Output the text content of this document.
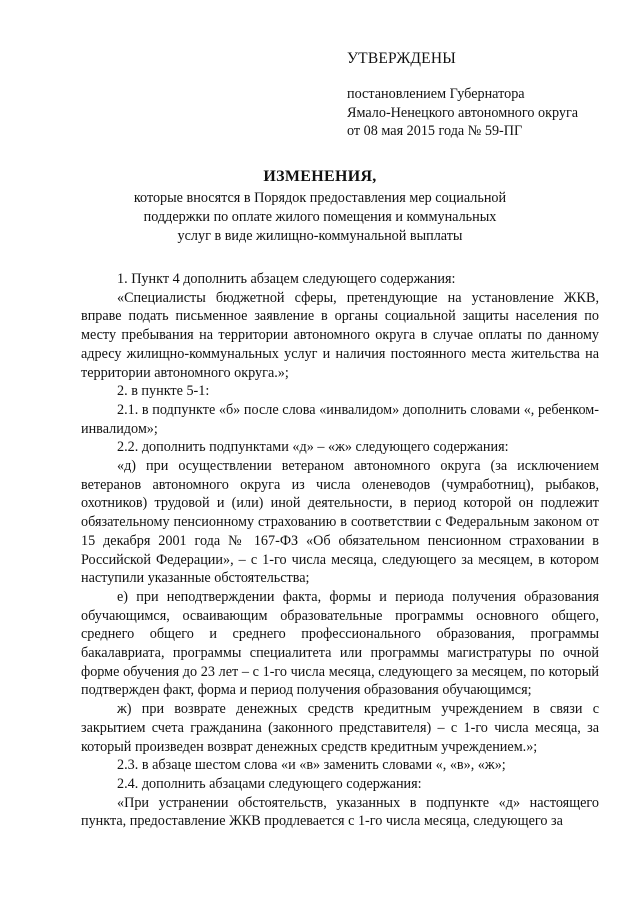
УТВЕРЖДЕНЫ
постановлением Губернатора
Ямало-Ненецкого автономного округа
от 08 мая 2015 года № 59-ПГ
ИЗМЕНЕНИЯ,
которые вносятся в Порядок предоставления мер социальной
поддержки по оплате жилого помещения и коммунальных
услуг в виде жилищно-коммунальной выплаты

1. Пункт 4 дополнить абзацем следующего содержания:

«Специалисты бюджетной сферы, претендующие на установление ЖКВ, вправе подать письменное заявление в органы социальной защиты населения по месту пребывания на территории автономного округа в случае оплаты по данному адресу жилищно-коммунальных услуг и наличия постоянного места жительства на территории автономного округа.»;

2. в пункте 5-1:

2.1. в подпункте «б» после слова «инвалидом» дополнить словами «, ребенком-инвалидом»;

2.2. дополнить подпунктами «д» – «ж» следующего содержания:

«д) при осуществлении ветераном автономного округа (за исключением ветеранов автономного округа из числа оленеводов (чумработниц), рыбаков, охотников) трудовой и (или) иной деятельности, в период которой он подлежит обязательному пенсионному страхованию в соответствии с Федеральным законом от 15 декабря 2001 года № 167-ФЗ «Об обязательном пенсионном страховании в Российской Федерации», – с 1-го числа месяца, следующего за месяцем, в котором наступили указанные обстоятельства;

е) при неподтверждении факта, формы и периода получения образования обучающимся, осваивающим образовательные программы основного общего, среднего общего и среднего профессионального образования, программы бакалавриата, программы специалитета или программы магистратуры по очной форме обучения до 23 лет – с 1-го числа месяца, следующего за месяцем, по который подтвержден факт, форма и период получения образования обучающимся;

ж) при возврате денежных средств кредитным учреждением в связи с закрытием счета гражданина (законного представителя) – с 1-го числа месяца, за который произведен возврат денежных средств кредитным учреждением.»;

2.3. в абзаце шестом слова «и «в» заменить словами «, «в», «ж»;

2.4. дополнить абзацами следующего содержания:

«При устранении обстоятельств, указанных в подпункте «д» настоящего пункта, предоставление ЖКВ продлевается с 1-го числа месяца, следующего за
